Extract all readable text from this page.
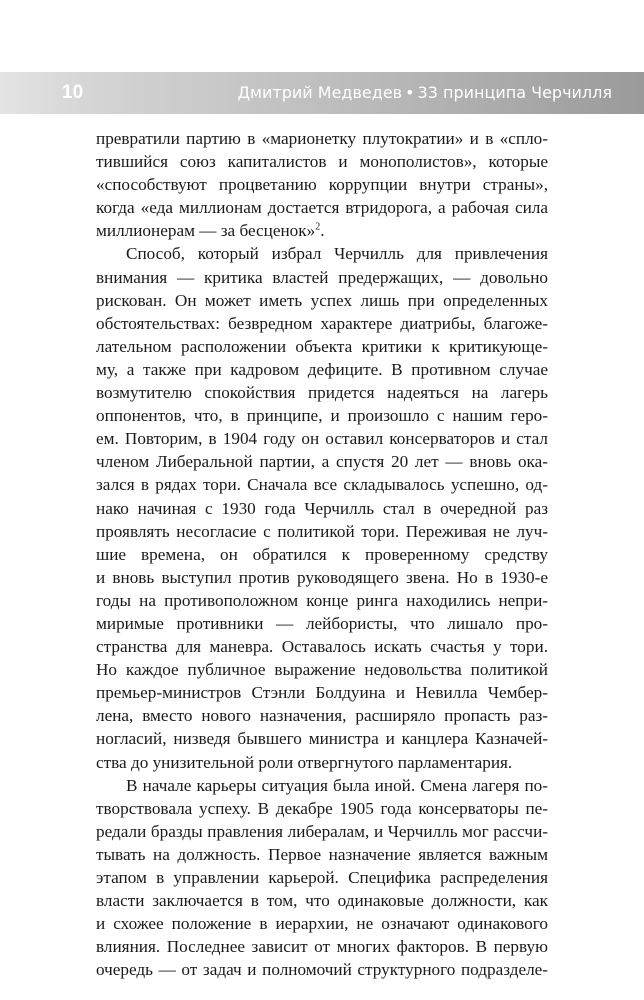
10	Дмитрий Медведев • 33 принципа Черчилля
превратили партию в «марионетку плутократии» и в «спло-
тившийся союз капиталистов и монополистов», которые
«способствуют процветанию коррупции внутри страны»,
когда «еда миллионам достается втридорога, а рабочая сила
миллионерам — за бесценок»$^2$.
Способ, который избрал Черчилль для привлечения
внимания — критика властей предержащих, — довольно
рискован. Он может иметь успех лишь при определенных
обстоятельствах: безвредном характере диатрибы, благоже-
лательном расположении объекта критики к критикующе-
му, а также при кадровом дефиците. В противном случае
возмутителю спокойствия придется надеяться на лагерь
оппонентов, что, в принципе, и произошло с нашим геро-
ем. Повторим, в 1904 году он оставил консерваторов и стал
членом Либеральной партии, а спустя 20 лет — вновь ока-
зался в рядах тори. Сначала все складывалось успешно, од-
нако начиная с 1930 года Черчилль стал в очередной раз
проявлять несогласие с политикой тори. Переживая не луч-
шие времена, он обратился к проверенному средству
и вновь выступил против руководящего звена. Но в 1930-е
годы на противоположном конце ринга находились непри-
миримые противники — лейбористы, что лишало про-
странства для маневра. Оставалось искать счастья у тори.
Но каждое публичное выражение недовольства политикой
премьер-министров Стэнли Болдуина и Невилла Чембер-
лена, вместо нового назначения, расширяло пропасть раз-
ногласий, низведя бывшего министра и канцлера Казначей-
ства до унизительной роли отвергнутого парламентария.
В начале карьеры ситуация была иной. Смена лагеря по-
творствовала успеху. В декабре 1905 года консерваторы пе-
редали бразды правления либералам, и Черчилль мог рассчи-
тывать на должность. Первое назначение является важным
этапом в управлении карьерой. Специфика распределения
власти заключается в том, что одинаковые должности, как
и схожее положение в иерархии, не означают одинакового
влияния. Последнее зависит от многих факторов. В первую
очередь — от задач и полномочий структурного подразделе-
